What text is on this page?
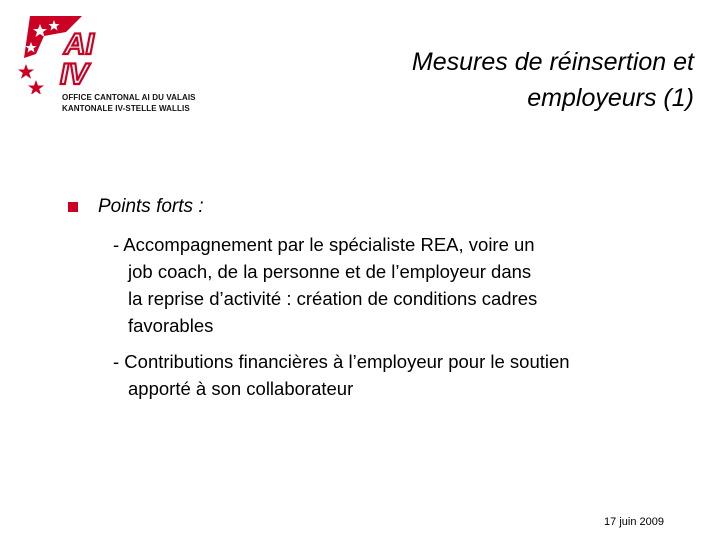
AI
IV
OFFICE CANTONAL AI DU VALAIS
KANTONALE IV-STELLE WALLIS
Mesures de réinsertion et
employeurs (1)
Points forts :
- Accompagnement par le spécialiste REA, voire un
job coach, de la personne et de l’employeur dans
la reprise d’activité : création de conditions cadres
favorables
- Contributions financières à l’employeur pour le soutien
apporté à son collaborateur
17 juin 2009
